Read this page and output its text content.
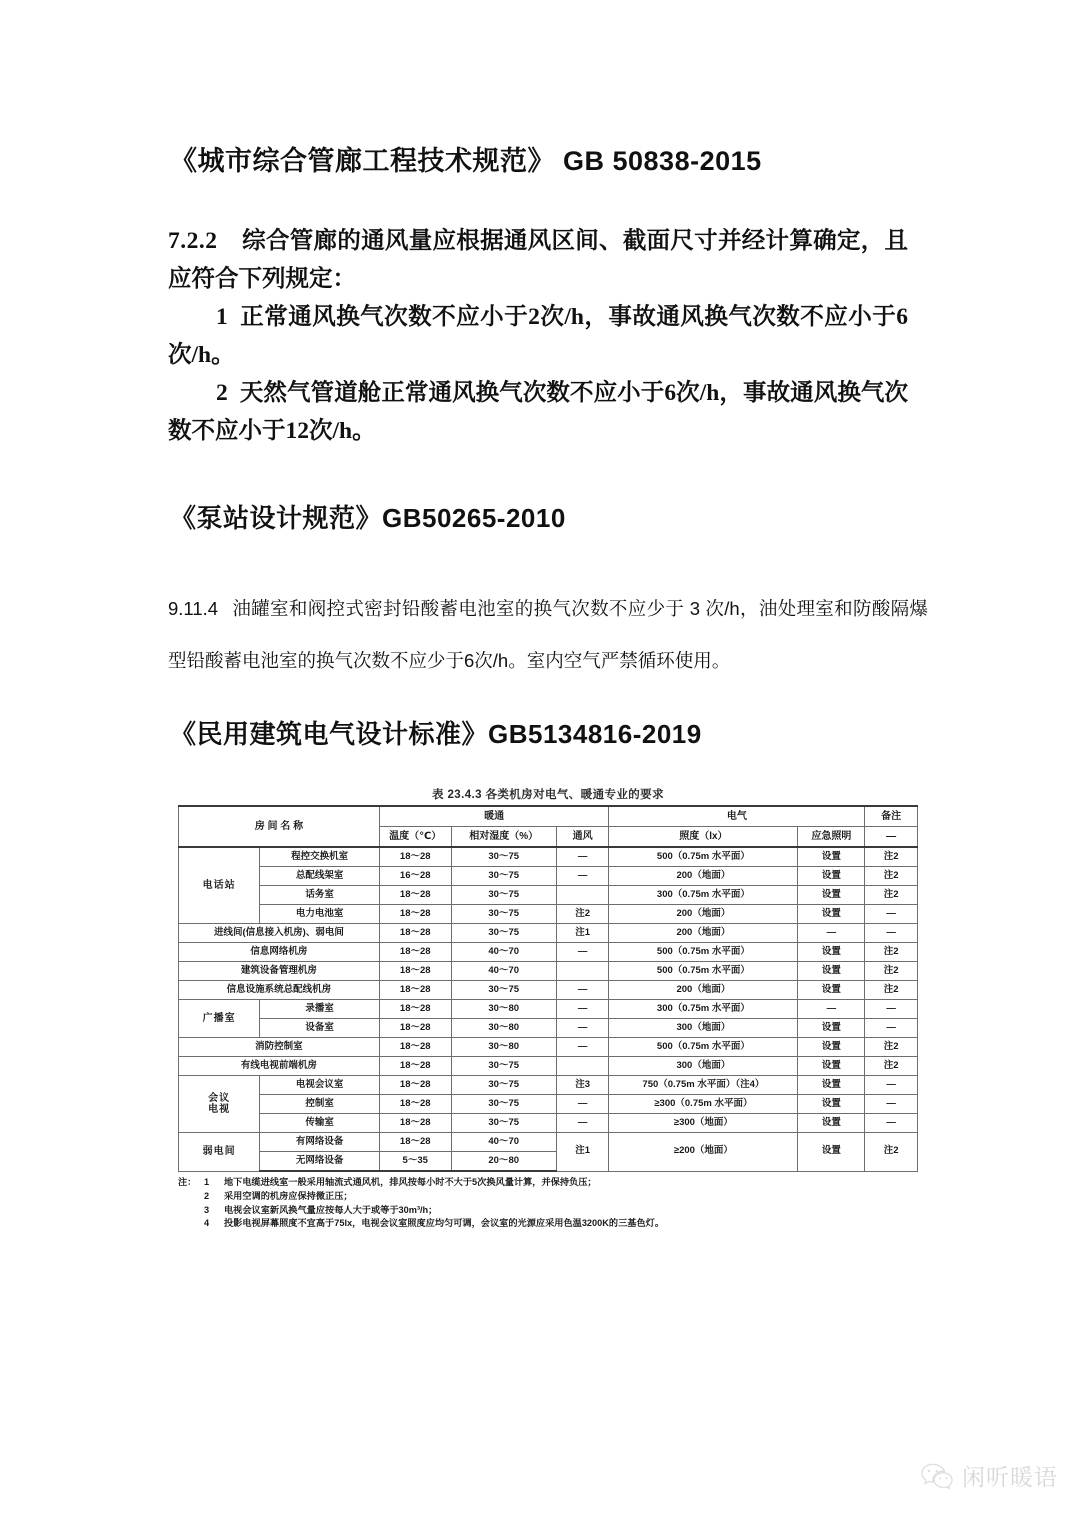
《城市综合管廊工程技术规范》 GB 50838-2015

7.2.2 综合管廊的通风量应根据通风区间、截面尺寸并经计算确定，且应符合下列规定：

1 正常通风换气次数不应小于2次/h，事故通风换气次数不应小于6次/h。

2 天然气管道舱正常通风换气次数不应小于6次/h，事故通风换气次数不应小于12次/h。

《泵站设计规范》GB50265-2010

9.11.4 油罐室和阀控式密封铅酸蓄电池室的换气次数不应少于 3 次/h，油处理室和防酸隔爆型铅酸蓄电池室的换气次数不应少于6次/h。室内空气严禁循环使用。

《民用建筑电气设计标准》GB5134816-2019
表 23.4.3 各类机房对电气、暖通专业的要求
房 间 名 称		暖通			电气		备注
		温度（℃）	相对湿度（%）	通风	照度（lx）	应急照明	—
电话站	程控交换机室	18～28	30～75	—	500（0.75m 水平面）	设置	注2
	总配线架室	16～28	30～75	—	200（地面）	设置	注2
	话务室	18～28	30～75		300（0.75m 水平面）	设置	注2
	电力电池室	18～28	30～75	注2	200（地面）	设置	—
进线间(信息接入机房)、弱电间		18～28	30～75	注1	200（地面）	—	—
信息网络机房		18～28	40～70	—	500（0.75m 水平面）	设置	注2
建筑设备管理机房		18～28	40～70		500（0.75m 水平面）	设置	注2
信息设施系统总配线机房		18～28	30～75	—	200（地面）	设置	注2
广播室	录播室	18～28	30～80	—	300（0.75m 水平面）	—	—
	设备室	18～28	30～80	—	300（地面）	设置	—
消防控制室		18～28	30～80	—	500（0.75m 水平面）	设置	注2
有线电视前端机房		18～28	30～75		300（地面）	设置	注2
会议
电视	电视会议室	18～28	30～75	注3	750（0.75m 水平面）（注4）	设置	—
	控制室	18～28	30～75	—	≥300（0.75m 水平面）	设置	—
	传输室	18～28	30～75	—	≥300（地面）	设置	—
弱电间	有网络设备	18～28	40～70	注1	≥200（地面）	设置	注2
	无网络设备	5～35	20～80				
注： 1	地下电缆进线室一般采用轴流式通风机，排风按每小时不大于5次换风量计算，并保持负压；
2	采用空调的机房应保持微正压；
3	电视会议室新风换气量应按每人大于或等于30m³/h；
4	投影电视屏幕照度不宜高于75lx，电视会议室照度应均匀可调，会议室的光源应采用色温3200K的三基色灯。
闲听暖语
